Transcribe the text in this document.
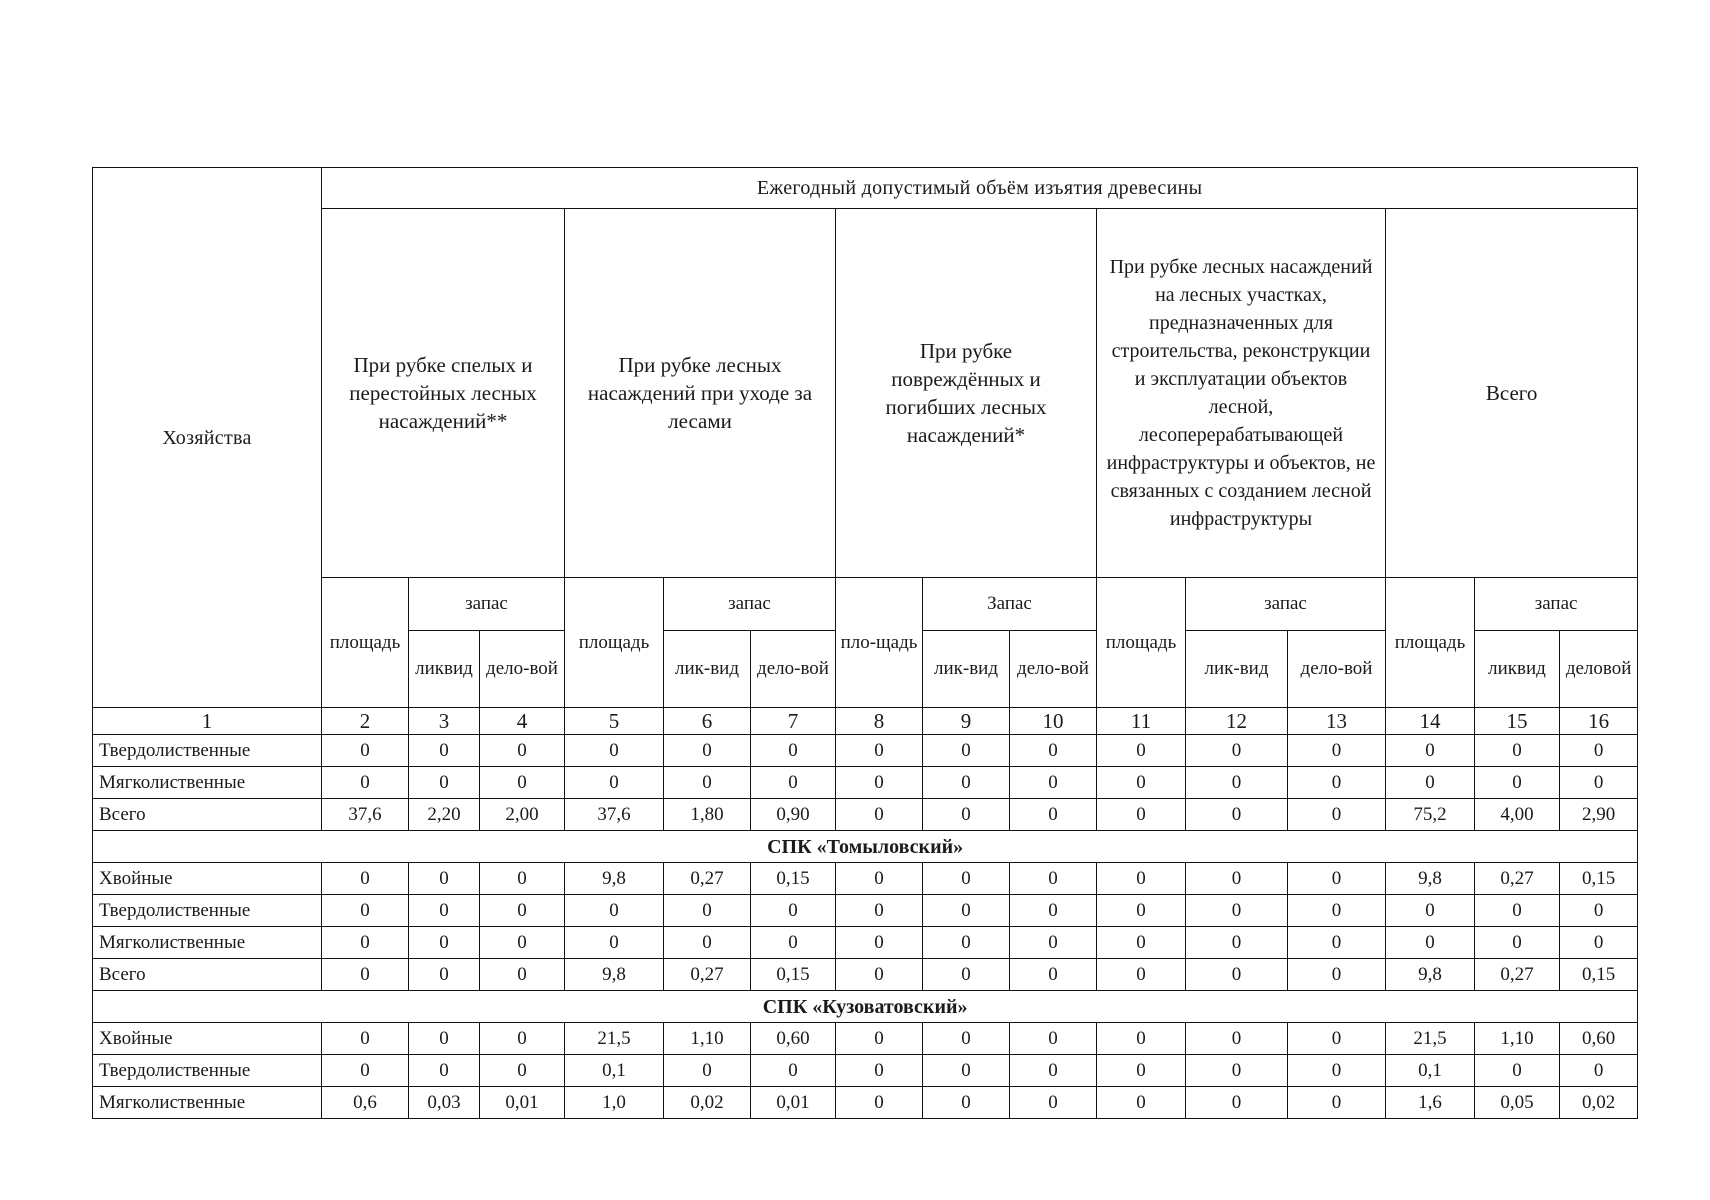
Хозяйства	Ежегодный допустимый объём изъятия древесины														
	При рубке спелых и перестойных лесных насаждений**			При рубке лесных насаждений при уходе за лесами			При рубке повреждённых и погибших лесных насаждений*			При рубке лесных насаждений на лесных участках, предназначенных для строительства, реконструкции и эксплуатации объектов лесной, лесоперерабатывающей инфраструктуры и объектов, не связанных с созданием лесной инфраструктуры			Всего		
	площадь	запас		площадь	запас		пло-щадь	Запас		площадь	запас		площадь	запас	
		ликвид	дело-вой		лик-вид	дело-вой		лик-вид	дело-вой		лик-вид	дело-вой		ликвид	деловой
1	2	3	4	5	6	7	8	9	10	11	12	13	14	15	16
Твердолиственные	0	0	0	0	0	0	0	0	0	0	0	0	0	0	0
Мягколиственные	0	0	0	0	0	0	0	0	0	0	0	0	0	0	0
Всего	37,6	2,20	2,00	37,6	1,80	0,90	0	0	0	0	0	0	75,2	4,00	2,90
СПК «Томыловский»															
Хвойные	0	0	0	9,8	0,27	0,15	0	0	0	0	0	0	9,8	0,27	0,15
Твердолиственные	0	0	0	0	0	0	0	0	0	0	0	0	0	0	0
Мягколиственные	0	0	0	0	0	0	0	0	0	0	0	0	0	0	0
Всего	0	0	0	9,8	0,27	0,15	0	0	0	0	0	0	9,8	0,27	0,15
СПК «Кузоватовский»															
Хвойные	0	0	0	21,5	1,10	0,60	0	0	0	0	0	0	21,5	1,10	0,60
Твердолиственные	0	0	0	0,1	0	0	0	0	0	0	0	0	0,1	0	0
Мягколиственные	0,6	0,03	0,01	1,0	0,02	0,01	0	0	0	0	0	0	1,6	0,05	0,02
